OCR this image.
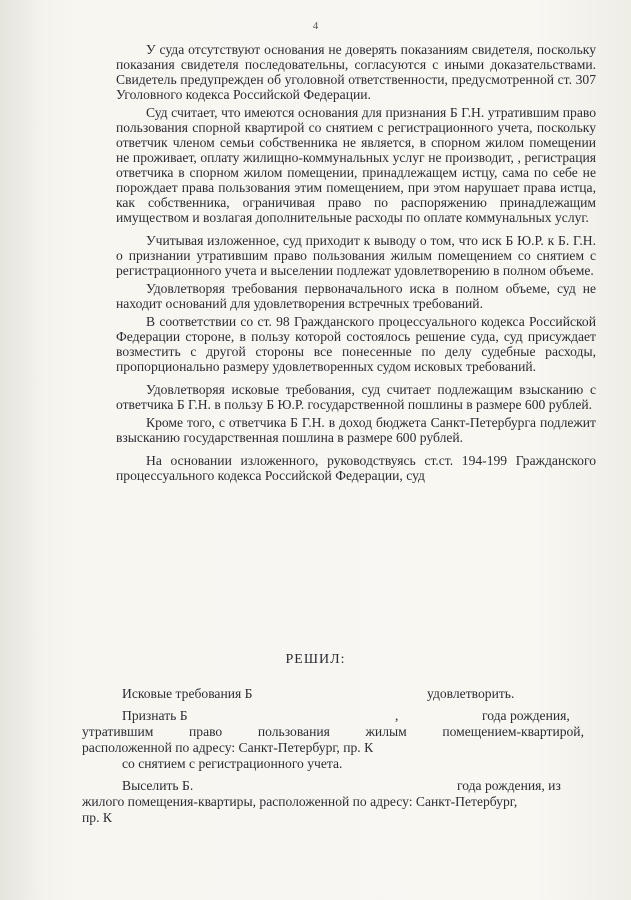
4

У суда отсутствуют основания не доверять показаниям свидетеля, поскольку показания свидетеля последовательны, согласуются с иными доказательствами. Свидетель предупрежден об уголовной ответственности, предусмотренной ст. 307 Уголовного кодекса Российской Федерации.

Суд считает, что имеются основания для признания Б Г.Н. утратившим право пользования спорной квартирой со снятием с регистрационного учета, поскольку ответчик членом семьи собственника не является, в спорном жилом помещении не проживает, оплату жилищно-коммунальных услуг не производит, , регистрация ответчика в спорном жилом помещении, принадлежащем истцу, сама по себе не порождает права пользования этим помещением, при этом нарушает права истца, как собственника, ограничивая право по распоряжению принадлежащим имуществом и возлагая дополнительные расходы по оплате коммунальных услуг.

Учитывая изложенное, суд приходит к выводу о том, что иск Б Ю.Р. к Б. Г.Н. о признании утратившим право пользования жилым помещением со снятием с регистрационного учета и выселении подлежат удовлетворению в полном объеме.

Удовлетворяя требования первоначального иска в полном объеме, суд не находит оснований для удовлетворения встречных требований.

В соответствии со ст. 98 Гражданского процессуального кодекса Российской Федерации стороне, в пользу которой состоялось решение суда, суд присуждает возместить с другой стороны все понесенные по делу судебные расходы, пропорционально размеру удовлетворенных судом исковых требований.

Удовлетворяя исковые требования, суд считает подлежащим взысканию с ответчика Б Г.Н. в пользу Б Ю.Р. государственной пошлины в размере 600 рублей.

Кроме того, с ответчика Б Г.Н. в доход бюджета Санкт-Петербурга подлежит взысканию государственная пошлина в размере 600 рублей.

На основании изложенного, руководствуясь ст.ст. 194-199 Гражданского процессуального кодекса Российской Федерации, суд

РЕШИЛ:
Исковые требования Б	удовлетворить.
Признать Б	,	года рождения,
утратившим	право	пользования	жилым	помещением-квартирой,
расположенной по адресу: Санкт-Петербург, пр. К
со снятием с регистрационного учета.
Выселить Б.	года рождения, из
жилого помещения-квартиры, расположенной по адресу: Санкт-Петербург,
пр. К
